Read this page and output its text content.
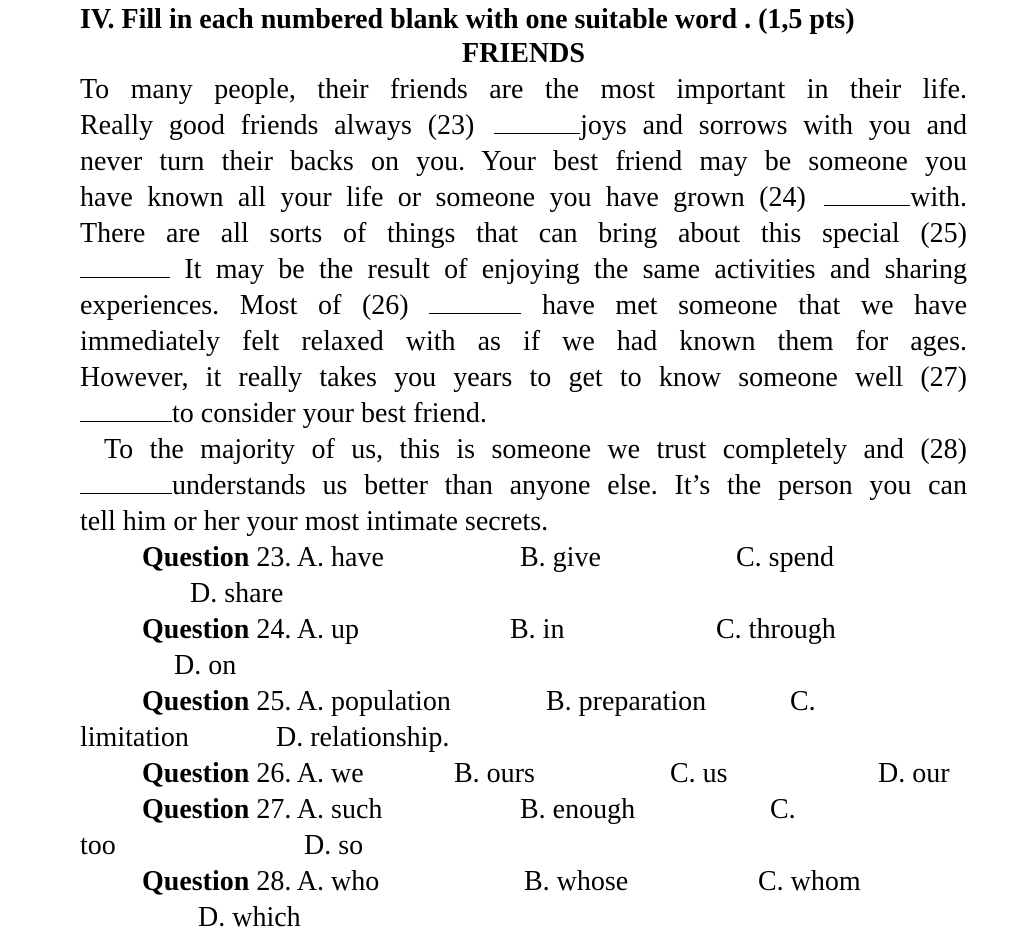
IV. Fill in each numbered blank with one suitable word . (1,5 pts)
FRIENDS
To many people, their friends are the most important in their life.
Really good friends always (23)	joys and sorrows with you and
never turn their backs on you. Your best friend may be someone you
have known all your life or someone you have grown (24)	with.
There are all sorts of things that can bring about this special (25)
It may be the result of enjoying the same activities and sharing
experiences. Most of (26)	have met someone that we have
immediately felt relaxed with as if we had known them for ages.
However, it really takes you years to get to know someone well (27)
to consider your best friend.
To the majority of us, this is someone we trust completely and (28)
understands us better than anyone else. It’s the person you can
tell him or her your most intimate secrets.
Question 23. A. have	B. give	C. spend
D. share
Question 24. A. up	B. in	C. through
D. on
Question 25. A. population	B. preparation	C.
limitation	D. relationship.
Question 26. A. we	B. ours	C. us	D. our
Question 27. A. such	B. enough	C.
too	D. so
Question 28. A. who	B. whose	C. whom
D. which
